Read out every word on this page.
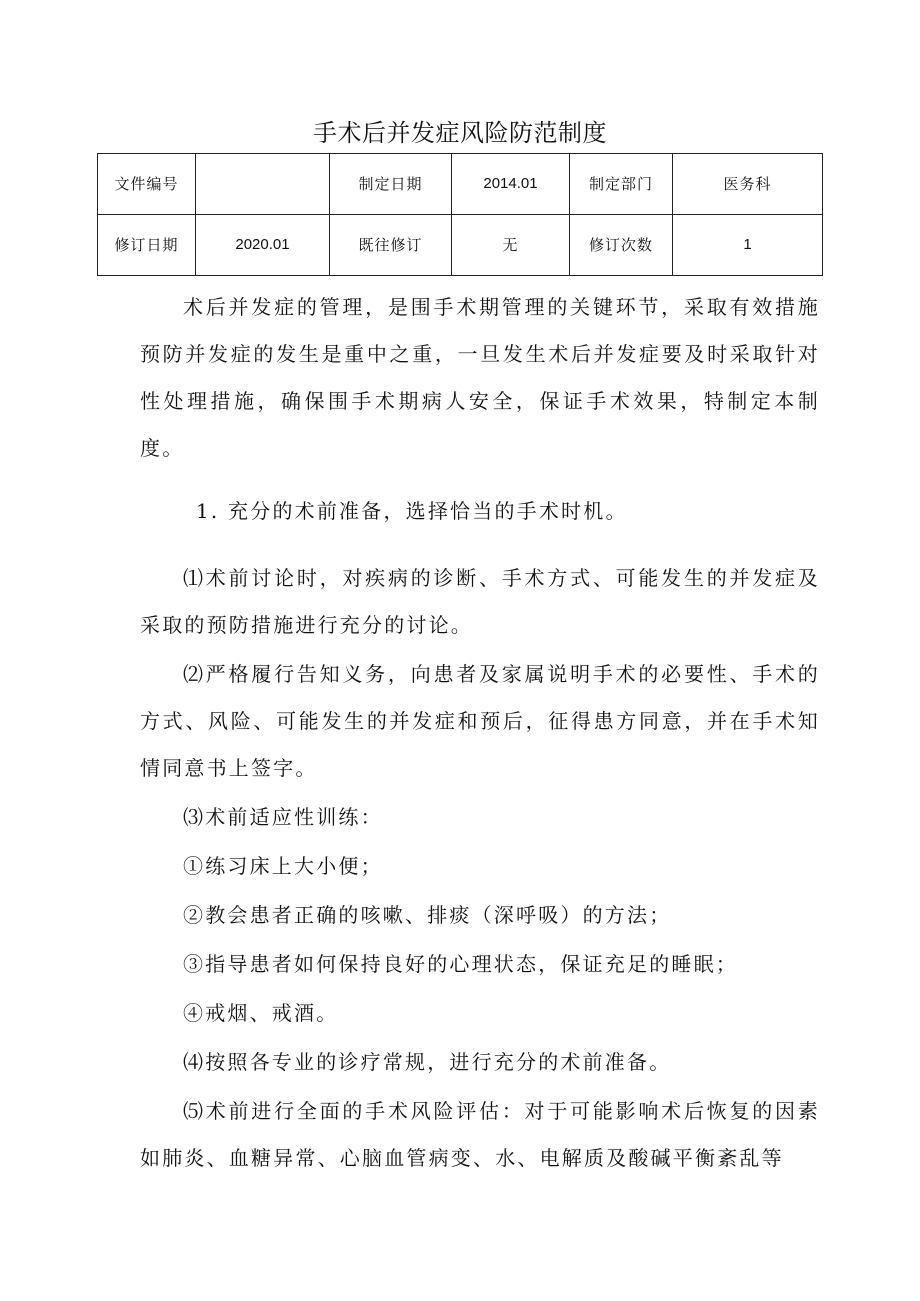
手术后并发症风险防范制度
文件编号		制定日期	2014.01	制定部门	医务科
修订日期	2020.01	既往修订	无	修订次数	1

术后并发症的管理，是围手术期管理的关键环节，采取有效措施预防并发症的发生是重中之重，一旦发生术后并发症要及时采取针对性处理措施，确保围手术期病人安全，保证手术效果，特制定本制度。

1. 充分的术前准备，选择恰当的手术时机。

⑴术前讨论时，对疾病的诊断、手术方式、可能发生的并发症及采取的预防措施进行充分的讨论。

⑵严格履行告知义务，向患者及家属说明手术的必要性、手术的方式、风险、可能发生的并发症和预后，征得患方同意，并在手术知情同意书上签字。

⑶术前适应性训练：

①练习床上大小便；

②教会患者正确的咳嗽、排痰（深呼吸）的方法；

③指导患者如何保持良好的心理状态，保证充足的睡眠；

④戒烟、戒酒。

⑷按照各专业的诊疗常规，进行充分的术前准备。

⑸术前进行全面的手术风险评估：对于可能影响术后恢复的因素如肺炎、血糖异常、心脑血管病变、水、电解质及酸碱平衡紊乱等
